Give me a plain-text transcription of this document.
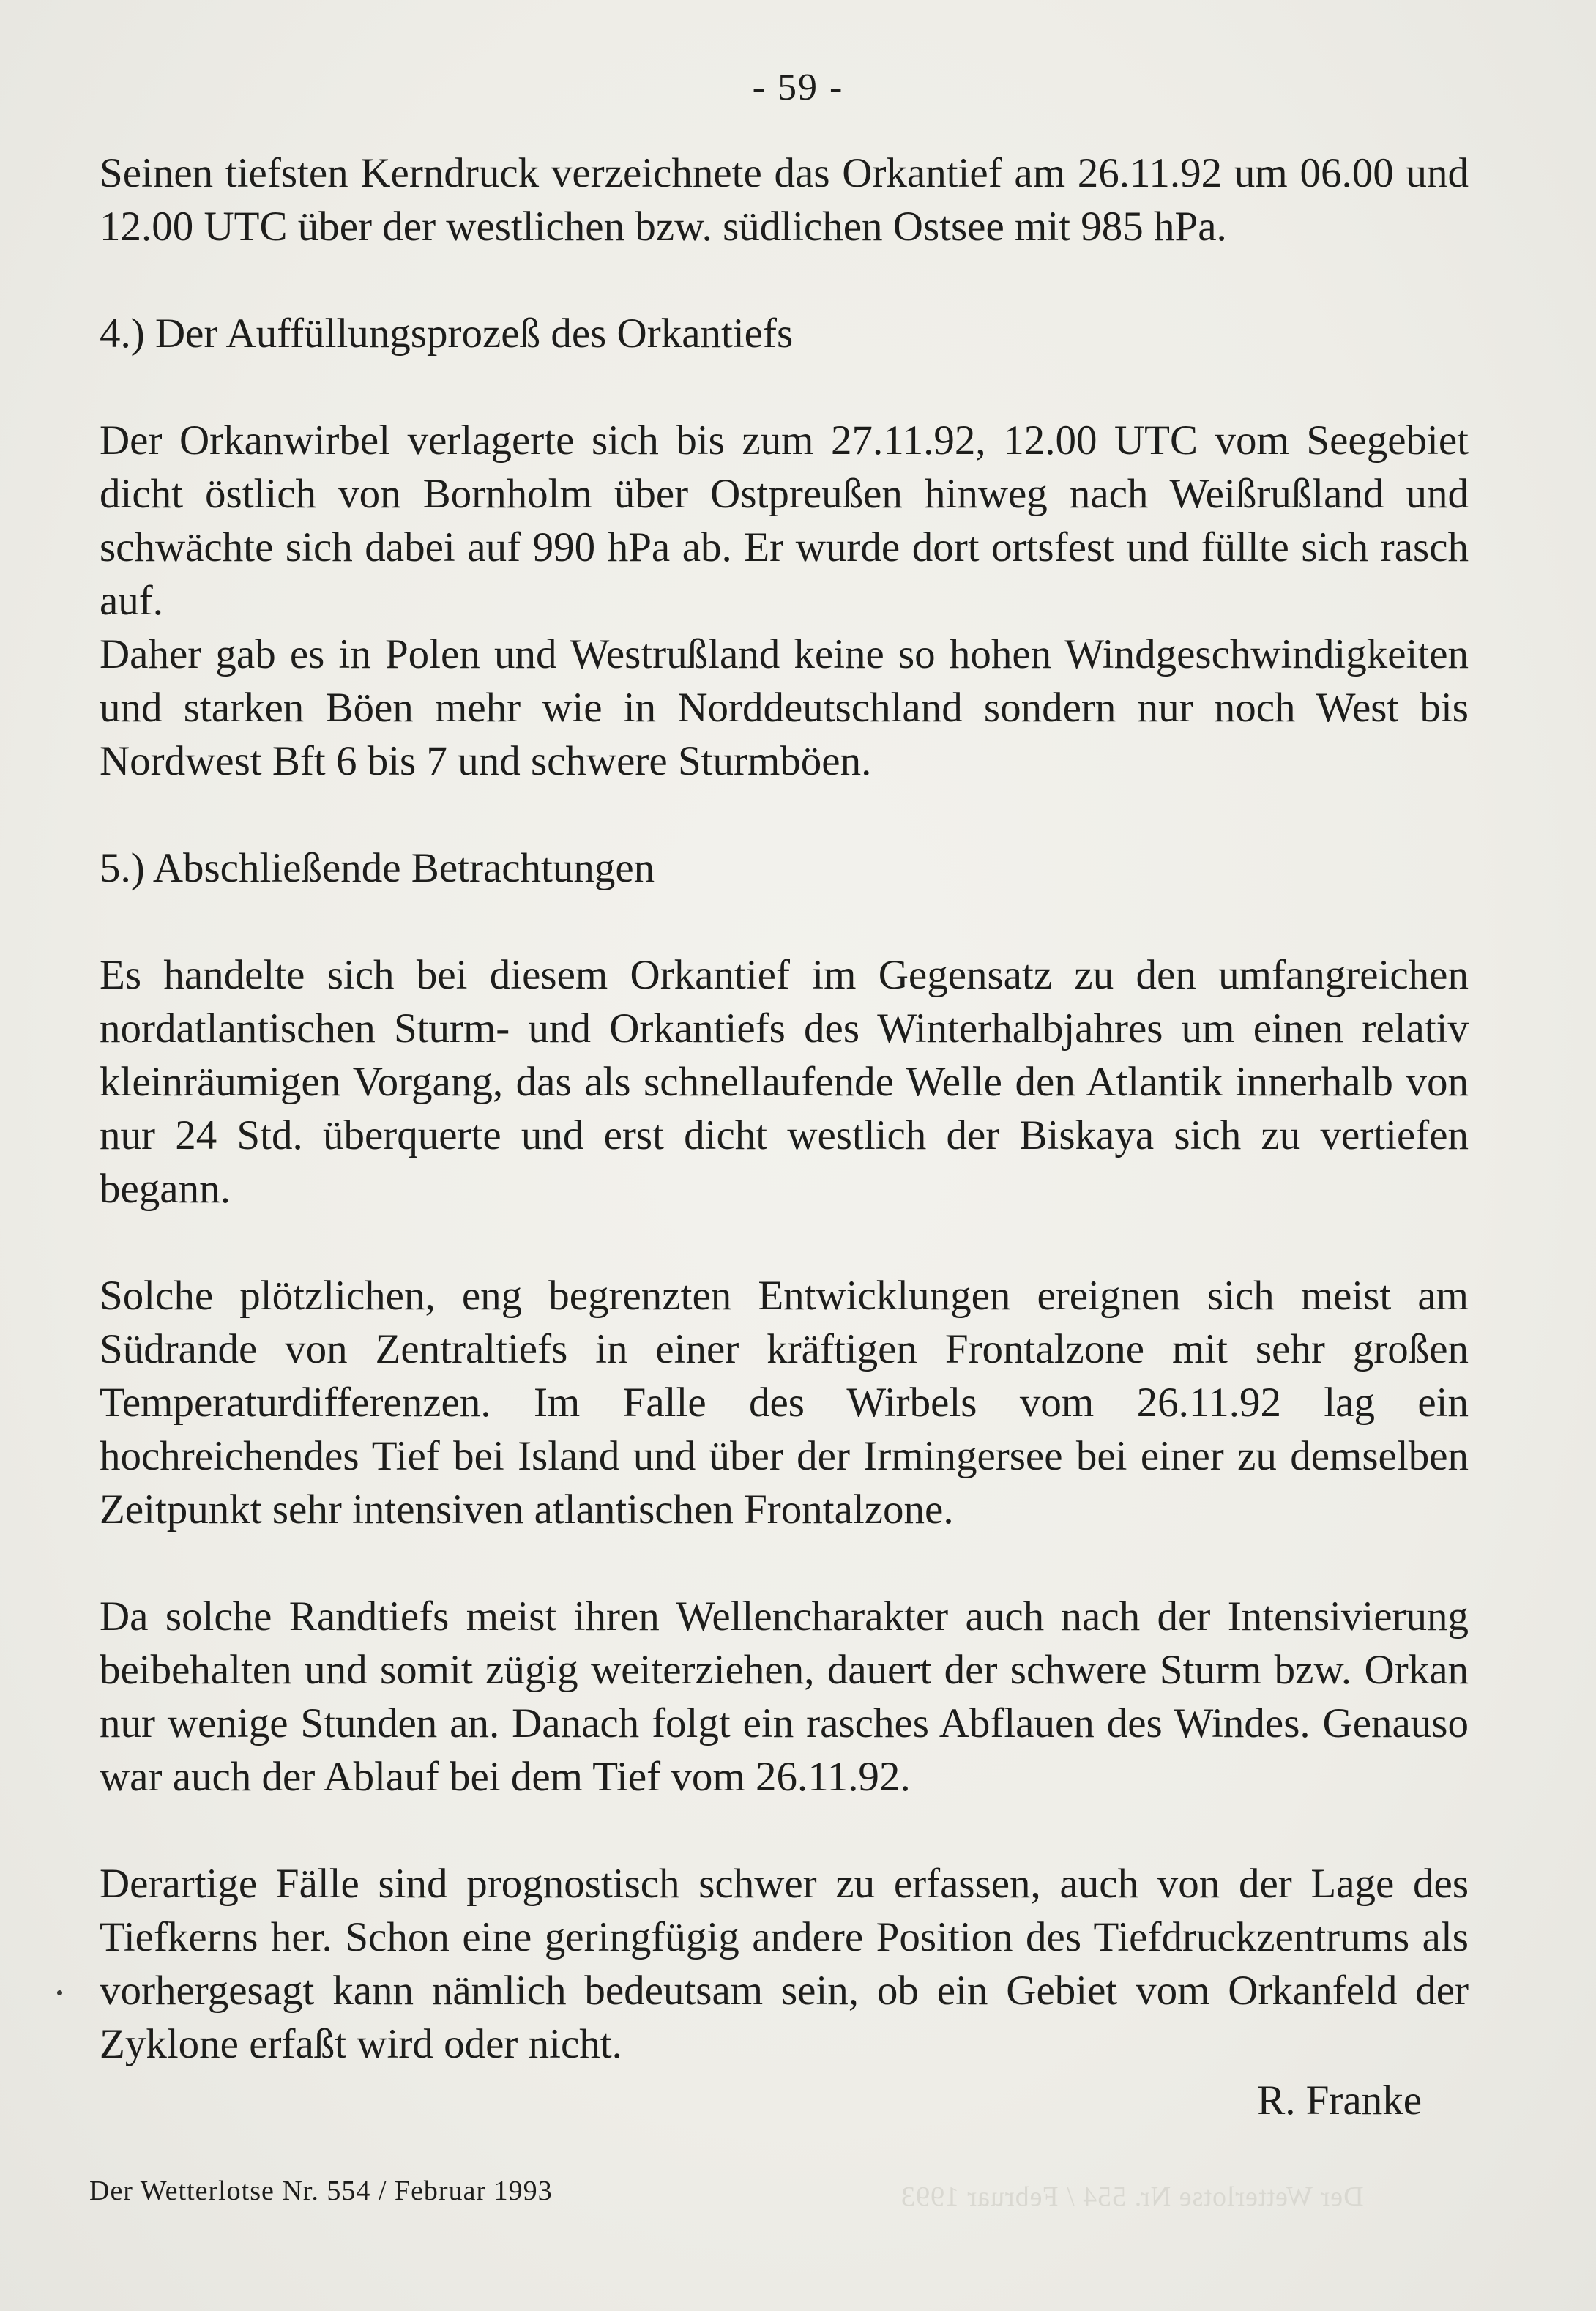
- 59 -

Seinen tiefsten Kerndruck verzeichnete das Orkantief am 26.11.92 um 06.00 und 12.00 UTC über der westlichen bzw. südlichen Ostsee mit 985 hPa.

4.) Der Auffüllungsprozeß des Orkantiefs

Der Orkanwirbel verlagerte sich bis zum 27.11.92, 12.00 UTC vom Seegebiet dicht östlich von Bornholm über Ostpreußen hinweg nach Weißrußland und schwächte sich dabei auf 990 hPa ab. Er wurde dort ortsfest und füllte sich rasch auf.

Daher gab es in Polen und Westrußland keine so hohen Windgeschwindigkeiten und starken Böen mehr wie in Norddeutschland sondern nur noch West bis Nordwest Bft 6 bis 7 und schwere Sturmböen.

5.) Abschließende Betrachtungen

Es handelte sich bei diesem Orkantief im Gegensatz zu den umfangreichen nordatlantischen Sturm- und Orkantiefs des Winterhalbjahres um einen relativ kleinräumigen Vorgang, das als schnellaufende Welle den Atlantik innerhalb von nur 24 Std. überquerte und erst dicht westlich der Biskaya sich zu vertiefen begann.

Solche plötzlichen, eng begrenzten Entwicklungen ereignen sich meist am Südrande von Zentraltiefs in einer kräftigen Frontalzone mit sehr großen Temperaturdifferenzen. Im Falle des Wirbels vom 26.11.92 lag ein hochreichendes Tief bei Island und über der Irmingersee bei einer zu demselben Zeitpunkt sehr intensiven atlantischen Frontalzone.

Da solche Randtiefs meist ihren Wellencharakter auch nach der Intensivierung beibehalten und somit zügig weiterziehen, dauert der schwere Sturm bzw. Orkan nur wenige Stunden an. Danach folgt ein rasches Abflauen des Windes. Genauso war auch der Ablauf bei dem Tief vom 26.11.92.

Derartige Fälle sind prognostisch schwer zu erfassen, auch von der Lage des Tiefkerns her. Schon eine geringfügig andere Position des Tiefdruckzentrums als vorhergesagt kann nämlich bedeutsam sein, ob ein Gebiet vom Orkanfeld der Zyklone erfaßt wird oder nicht.

R. Franke

Der Wetterlotse Nr. 554 / Februar 1993	Der Wetterlotse Nr. 554 / Februar 1993
